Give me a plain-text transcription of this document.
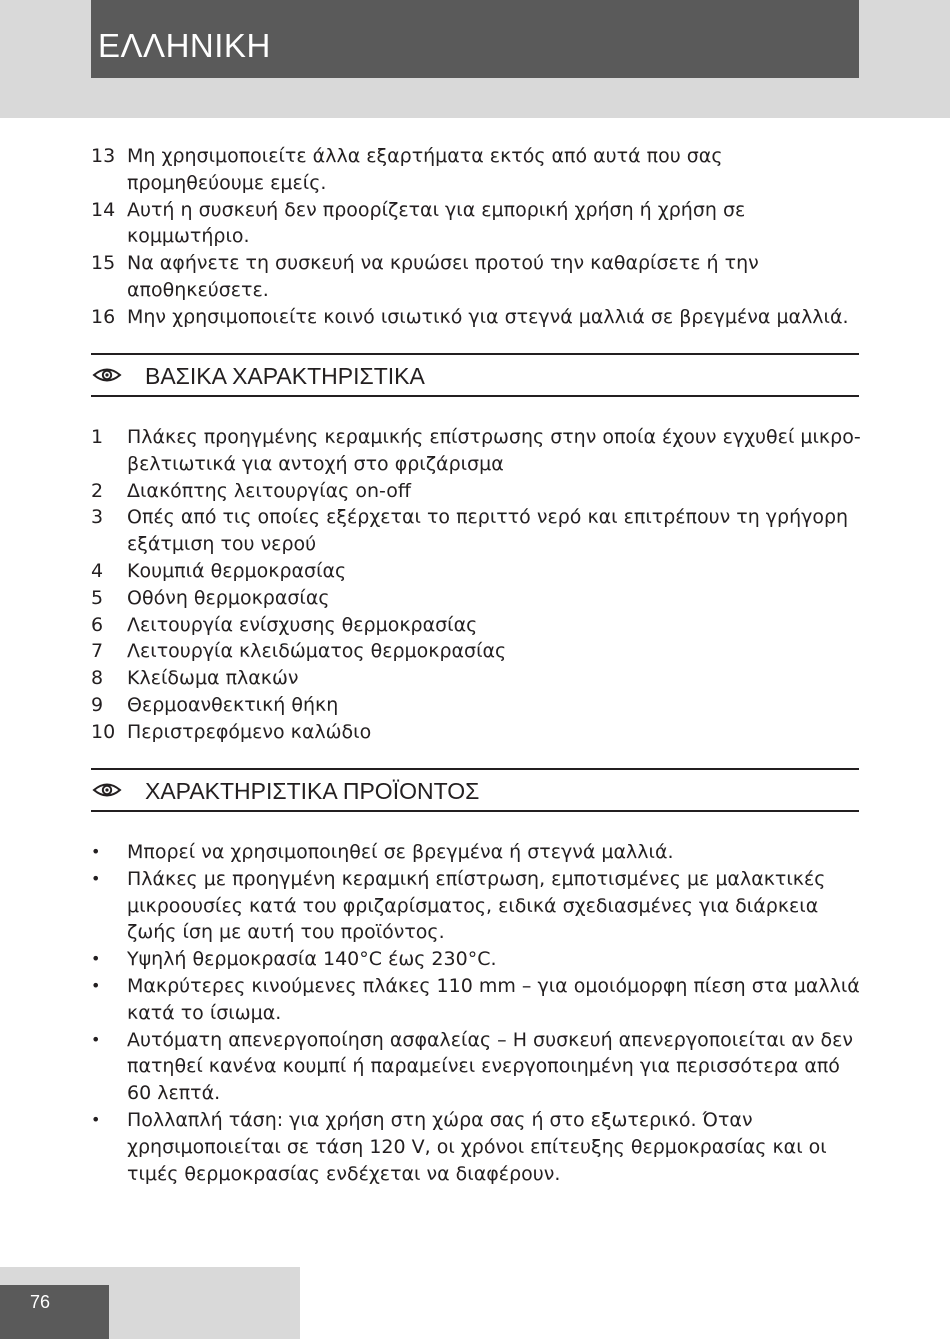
ΕΛΛΗΝΙΚΗ
13 Μη χρησιμοποιείτε άλλα εξαρτήματα εκτός από αυτά που σας προμηθεύουμε εμείς.
14 Αυτή η συσκευή δεν προορίζεται για εμπορική χρήση ή χρήση σε κομμωτήριο.
15 Να αφήνετε τη συσκευή να κρυώσει προτού την καθαρίσετε ή την αποθηκεύσετε.
16 Μην χρησιμοποιείτε κοινό ισιωτικό για στεγνά μαλλιά σε βρεγμένα μαλλιά.
ΒΑΣΙΚΑ ΧΑΡΑΚΤΗΡΙΣΤΙΚΑ
1 Πλάκες προηγμένης κεραμικής επίστρωσης στην οποία έχουν εγχυθεί μικρο-βελτιωτικά για αντοχή στο φριζάρισμα
2 Διακόπτης λειτουργίας on-off
3 Οπές από τις οποίες εξέρχεται το περιττό νερό και επιτρέπουν τη γρήγορη εξάτμιση του νερού
4 Κουμπιά θερμοκρασίας
5 Οθόνη θερμοκρασίας
6 Λειτουργία ενίσχυσης θερμοκρασίας
7 Λειτουργία κλειδώματος θερμοκρασίας
8 Κλείδωμα πλακών
9 Θερμοανθεκτική θήκη
10 Περιστρεφόμενο καλώδιο
ΧΑΡΑΚΤΗΡΙΣΤΙΚΑ ΠΡΟΪΟΝΤΟΣ
• Μπορεί να χρησιμοποιηθεί σε βρεγμένα ή στεγνά μαλλιά.
• Πλάκες με προηγμένη κεραμική επίστρωση, εμποτισμένες με μαλακτικές μικροουσίες κατά του φριζαρίσματος, ειδικά σχεδιασμένες για διάρκεια ζωής ίση με αυτή του προϊόντος.
• Υψηλή θερμοκρασία 140°C έως 230°C.
• Μακρύτερες κινούμενες πλάκες 110 mm – για ομοιόμορφη πίεση στα μαλλιά κατά το ίσιωμα.
• Αυτόματη απενεργοποίηση ασφαλείας – Η συσκευή απενεργοποιείται αν δεν πατηθεί κανένα κουμπί ή παραμείνει ενεργοποιημένη για περισσότερα από 60 λεπτά.
• Πολλαπλή τάση: για χρήση στη χώρα σας ή στο εξωτερικό. Όταν χρησιμοποιείται σε τάση 120 V, οι χρόνοι επίτευξης θερμοκρασίας και οι τιμές θερμοκρασίας ενδέχεται να διαφέρουν.
76
